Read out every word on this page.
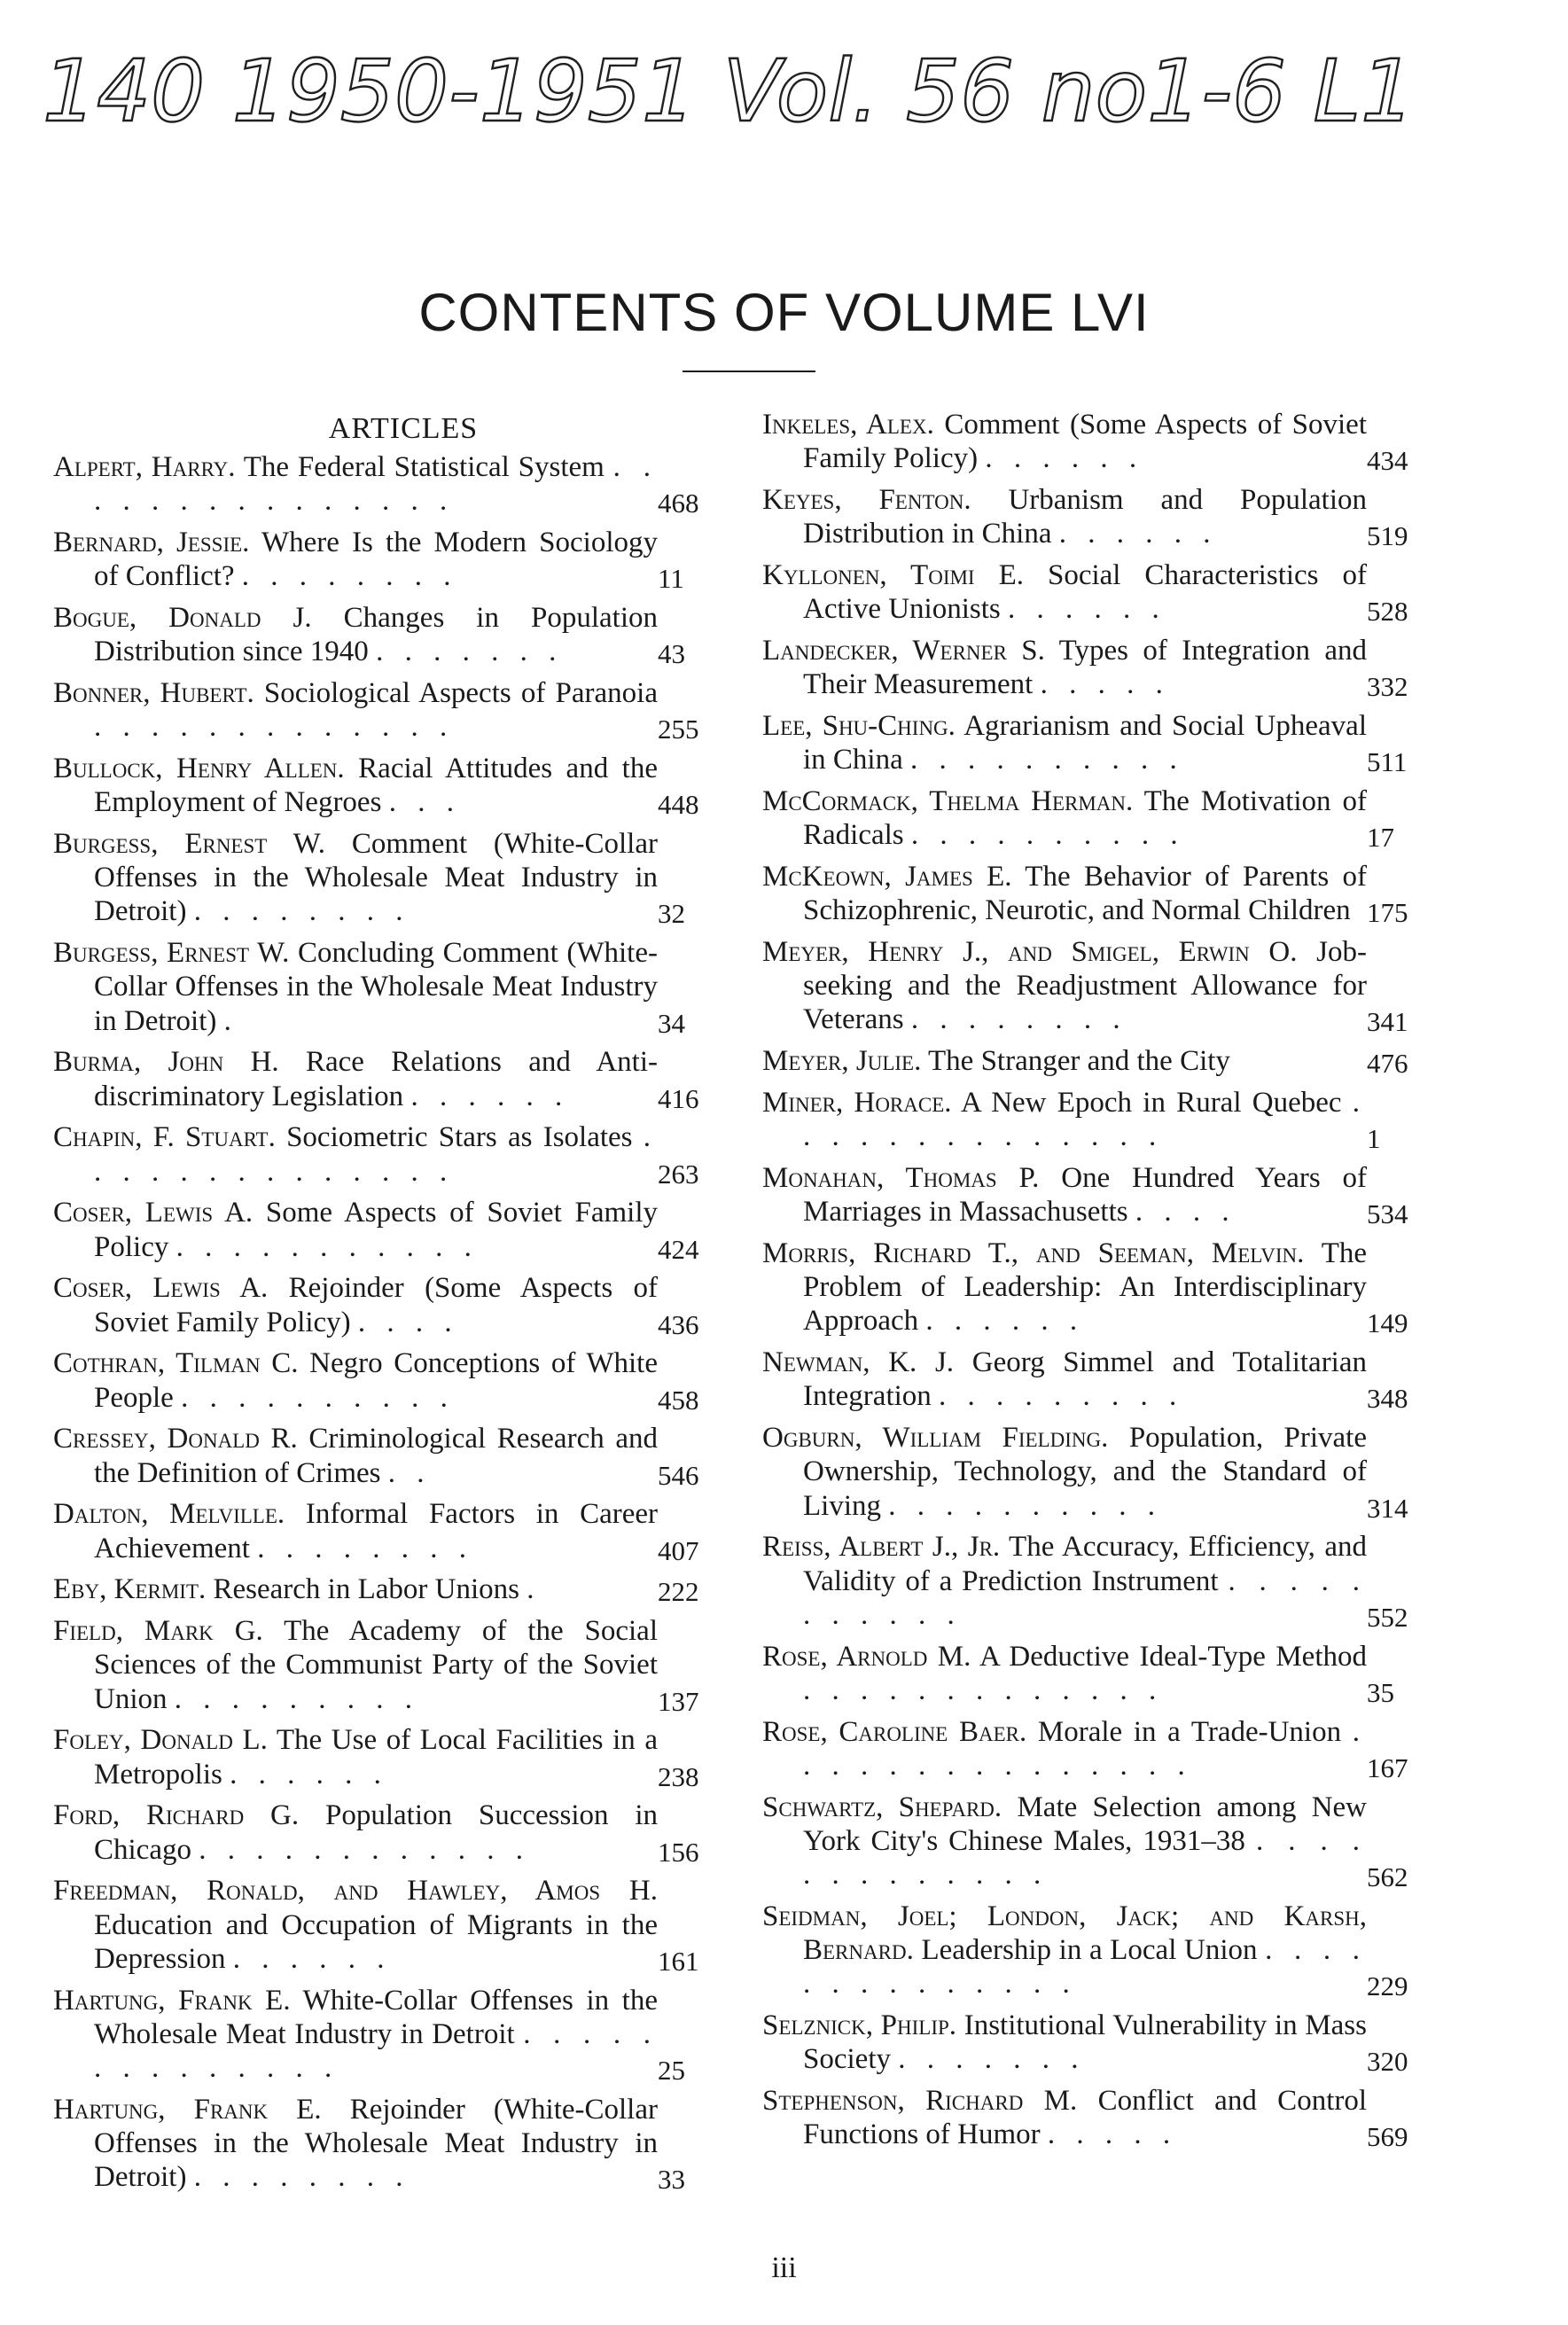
140 1950-1951 Vol. 56 no1-6 L1
CONTENTS OF VOLUME LVI
ARTICLES
Alpert, Harry. The Federal Statistical System . . . . . . . . . . . . . . .	468
Bernard, Jessie. Where Is the Modern Sociology of Conflict? . . . . . . . .	11
Bogue, Donald J. Changes in Population Distribution since 1940 . . . . . . .	43
Bonner, Hubert. Sociological Aspects of Paranoia . . . . . . . . . . . . .	255
Bullock, Henry Allen. Racial Attitudes and the Employment of Negroes . . .	448
Burgess, Ernest W. Comment (White-Collar Offenses in the Wholesale Meat Industry in Detroit) . . . . . . . .	32
Burgess, Ernest W. Concluding Comment (White-Collar Offenses in the Wholesale Meat Industry in Detroit) .	34
Burma, John H. Race Relations and Anti-discriminatory Legislation . . . . . .	416
Chapin, F. Stuart. Sociometric Stars as Isolates . . . . . . . . . . . . . .	263
Coser, Lewis A. Some Aspects of Soviet Family Policy . . . . . . . . . . .	424
Coser, Lewis A. Rejoinder (Some Aspects of Soviet Family Policy) . . . .	436
Cothran, Tilman C. Negro Conceptions of White People . . . . . . . . . .	458
Cressey, Donald R. Criminological Research and the Definition of Crimes . .	546
Dalton, Melville. Informal Factors in Career Achievement . . . . . . . .	407
Eby, Kermit. Research in Labor Unions .	222
Field, Mark G. The Academy of the Social Sciences of the Communist Party of the Soviet Union . . . . . . . . .	137
Foley, Donald L. The Use of Local Facilities in a Metropolis . . . . . .	238
Ford, Richard G. Population Succession in Chicago . . . . . . . . . . . .	156
Freedman, Ronald, and Hawley, Amos H. Education and Occupation of Migrants in the Depression . . . . . .	161
Hartung, Frank E. White-Collar Offenses in the Wholesale Meat Industry in Detroit . . . . . . . . . . . . . .	25
Hartung, Frank E. Rejoinder (White-Collar Offenses in the Wholesale Meat Industry in Detroit) . . . . . . . .	33
Inkeles, Alex. Comment (Some Aspects of Soviet Family Policy) . . . . . .	434
Keyes, Fenton. Urbanism and Population Distribution in China . . . . . .	519
Kyllonen, Toimi E. Social Characteristics of Active Unionists . . . . . .	528
Landecker, Werner S. Types of Integration and Their Measurement . . . . .	332
Lee, Shu-Ching. Agrarianism and Social Upheaval in China . . . . . . . . . .	511
McCormack, Thelma Herman. The Motivation of Radicals . . . . . . . . . .	17
McKeown, James E. The Behavior of Parents of Schizophrenic, Neurotic, and Normal Children 175
Meyer, Henry J., and Smigel, Erwin O. Job-seeking and the Readjustment Allowance for Veterans . . . . . . . .	341
Meyer, Julie. The Stranger and the City	476
Miner, Horace. A New Epoch in Rural Quebec . . . . . . . . . . . . . .	1
Monahan, Thomas P. One Hundred Years of Marriages in Massachusetts . . . .	534
Morris, Richard T., and Seeman, Melvin. The Problem of Leadership: An Interdisciplinary Approach . . . . . .	149
Newman, K. J. Georg Simmel and Totalitarian Integration . . . . . . . . .	348
Ogburn, William Fielding. Population, Private Ownership, Technology, and the Standard of Living . . . . . . . . . .	314
Reiss, Albert J., Jr. The Accuracy, Efficiency, and Validity of a Prediction Instrument . . . . . . . . . . .	552
Rose, Arnold M. A Deductive Ideal-Type Method . . . . . . . . . . . . .	35
Rose, Caroline Baer. Morale in a Trade-Union . . . . . . . . . . . . . . .	167
Schwartz, Shepard. Mate Selection among New York City's Chinese Males, 1931–38 . . . . . . . . . . . . .	562
Seidman, Joel; London, Jack; and Karsh, Bernard. Leadership in a Local Union . . . . . . . . . . . . . .	229
Selznick, Philip. Institutional Vulnerability in Mass Society . . . . . . .	320
Stephenson, Richard M. Conflict and Control Functions of Humor . . . . .	569
iii
